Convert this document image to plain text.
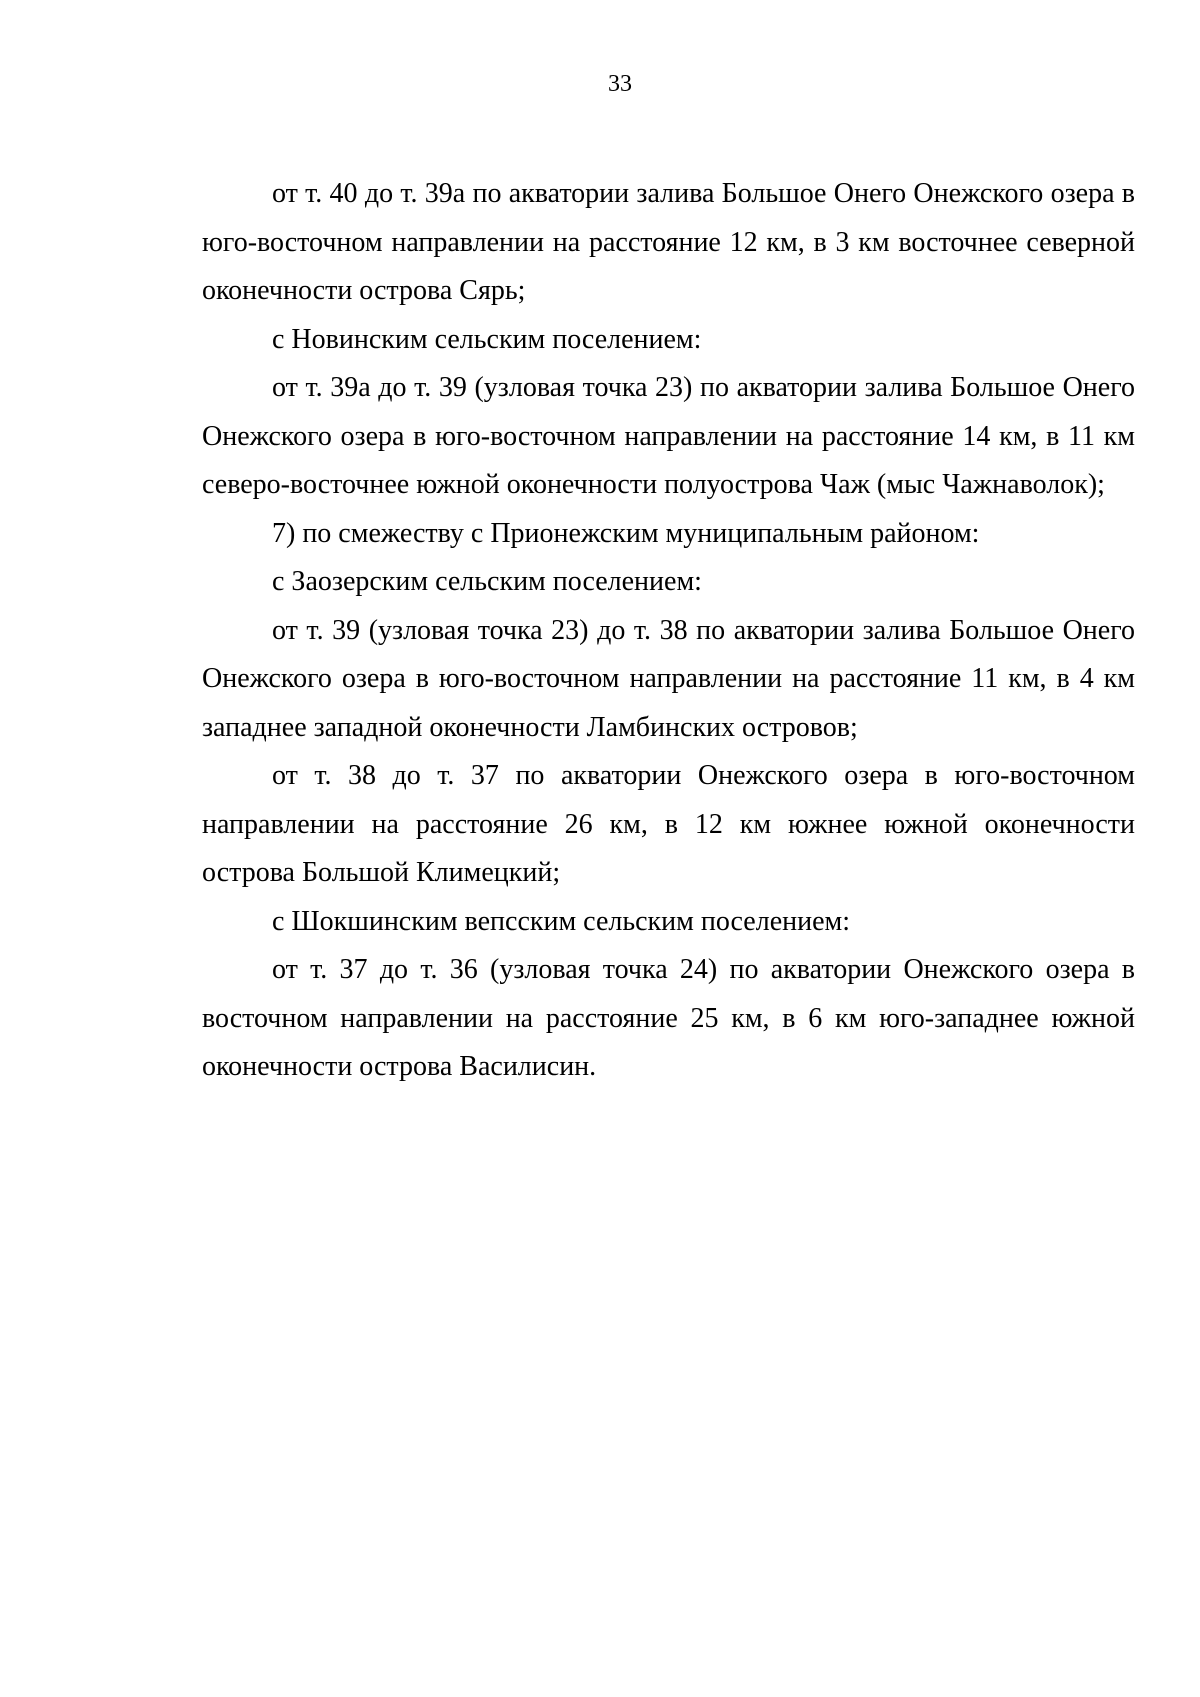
33

от т. 40 до т. 39а по акватории залива Большое Онего Онежского озера в юго-восточном направлении на расстояние 12 км, в 3 км восточнее северной оконечности острова Сярь;

с Новинским сельским поселением:

от т. 39а до т. 39 (узловая точка 23) по акватории залива Большое Онего Онежского озера в юго-восточном направлении на расстояние 14 км, в 11 км северо-восточнее южной оконечности полуострова Чаж (мыс Чажнаволок);

7) по смежеству с Прионежским муниципальным районом:

с Заозерским сельским поселением:

от т. 39 (узловая точка 23) до т. 38 по акватории залива Большое Онего Онежского озера в юго-восточном направлении на расстояние 11 км, в 4 км западнее западной оконечности Ламбинских островов;

от т. 38 до т. 37 по акватории Онежского озера в юго-восточном направлении на расстояние 26 км, в 12 км южнее южной оконечности острова Большой Климецкий;

с Шокшинским вепсским сельским поселением:

от т. 37 до т. 36 (узловая точка 24) по акватории Онежского озера в восточном направлении на расстояние 25 км, в 6 км юго-западнее южной оконечности острова Василисин.
